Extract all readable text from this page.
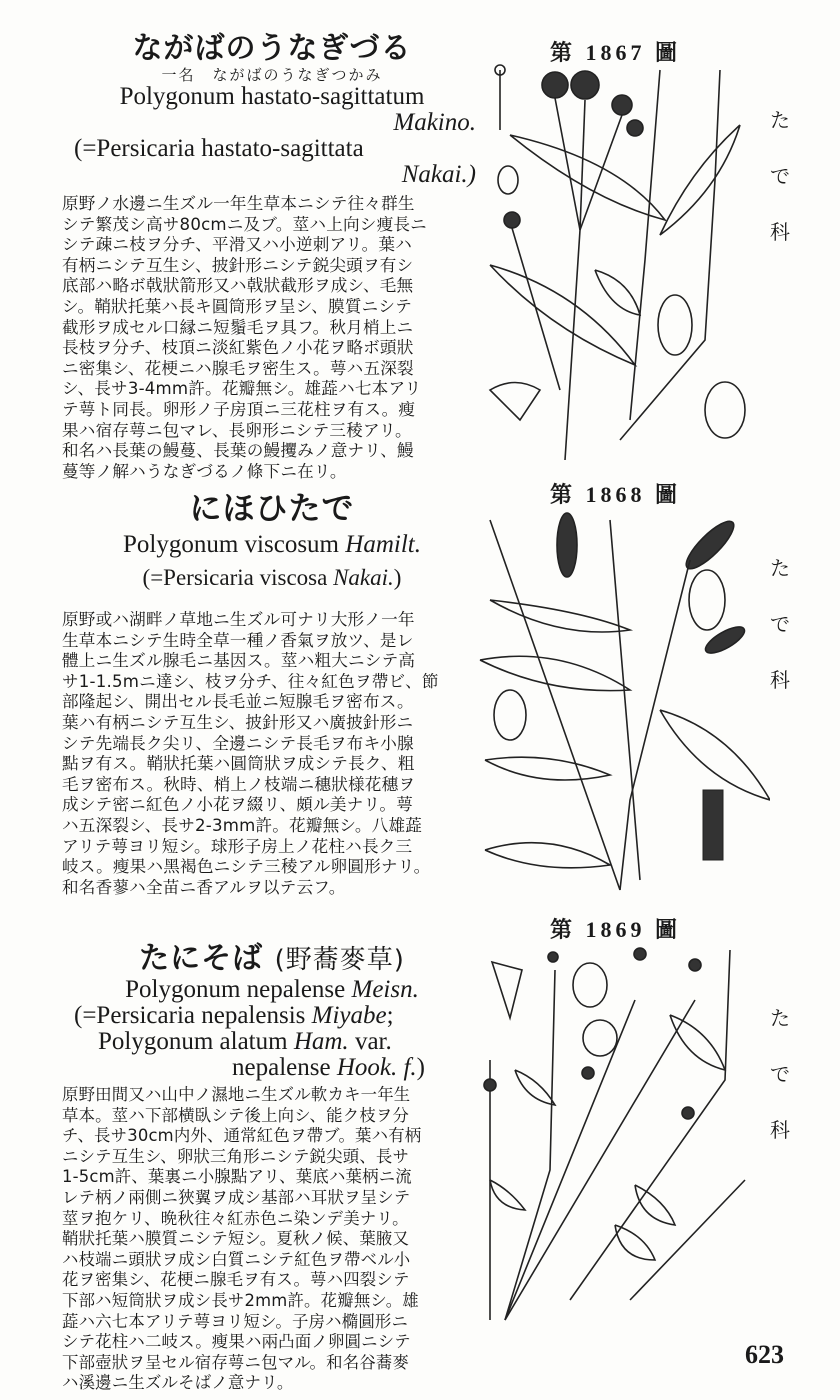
ながばのうなぎづる
一名　ながばのうなぎつかみ
Polygonum hastato-sagittatum
Makino.
(=Persicaria hastato-sagittata
Nakai.)
原野ノ水邊ニ生ズル一年生草本ニシテ往々群生
シテ繁茂シ高サ80cmニ及ブ。莖ハ上向シ痩長ニ
シテ疎ニ枝ヲ分チ、平滑又ハ小逆刺アリ。葉ハ
有柄ニシテ互生シ、披針形ニシテ鋭尖頭ヲ有シ
底部ハ略ボ戟狀箭形又ハ戟狀截形ヲ成シ、毛無
シ。鞘狀托葉ハ長キ圓筒形ヲ呈シ、膜質ニシテ
截形ヲ成セル口縁ニ短鬚毛ヲ具フ。秋月梢上ニ
長枝ヲ分チ、枝頂ニ淡紅紫色ノ小花ヲ略ボ頭狀
ニ密集シ、花梗ニハ腺毛ヲ密生ス。萼ハ五深裂
シ、長サ3-4mm許。花瓣無シ。雄蕋ハ七本アリ
テ萼ト同長。卵形ノ子房頂ニ三花柱ヲ有ス。瘦
果ハ宿存萼ニ包マレ、長卵形ニシテ三稜アリ。
和名ハ長葉の鰻蔓、長葉の鰻攫みノ意ナリ、鰻
蔓等ノ解ハうなぎづるノ條下ニ在リ。
にほひたで
Polygonum viscosum Hamilt.
(=Persicaria viscosa Nakai.)
原野或ハ湖畔ノ草地ニ生ズル可ナリ大形ノ一年
生草本ニシテ生時全草一種ノ香氣ヲ放ツ、是レ
體上ニ生ズル腺毛ニ基因ス。莖ハ粗大ニシテ高
サ1-1.5mニ達シ、枝ヲ分チ、往々紅色ヲ帶ビ、節
部隆起シ、開出セル長毛並ニ短腺毛ヲ密布ス。
葉ハ有柄ニシテ互生シ、披針形又ハ廣披針形ニ
シテ先端長ク尖リ、全邊ニシテ長毛ヲ布キ小腺
點ヲ有ス。鞘狀托葉ハ圓筒狀ヲ成シテ長ク、粗
毛ヲ密布ス。秋時、梢上ノ枝端ニ穗狀様花穗ヲ
成シテ密ニ紅色ノ小花ヲ綴リ、頗ル美ナリ。萼
ハ五深裂シ、長サ2-3mm許。花瓣無シ。八雄蕋
アリテ萼ヨリ短シ。球形子房上ノ花柱ハ長ク三
岐ス。瘦果ハ黑褐色ニシテ三稜アル卵圓形ナリ。
和名香蓼ハ全苗ニ香アルヲ以テ云フ。
たにそば (野蕎麥草)
Polygonum nepalense Meisn.
(=Persicaria nepalensis Miyabe;
Polygonum alatum Ham. var.
nepalense Hook. f.)
原野田間又ハ山中ノ濕地ニ生ズル軟カキ一年生
草本。莖ハ下部横臥シテ後上向シ、能ク枝ヲ分
チ、長サ30cm内外、通常紅色ヲ帶ブ。葉ハ有柄
ニシテ互生シ、卵狀三角形ニシテ鋭尖頭、長サ
1-5cm許、葉裏ニ小腺點アリ、葉底ハ葉柄ニ流
レテ柄ノ兩側ニ狹翼ヲ成シ基部ハ耳狀ヲ呈シテ
莖ヲ抱ケリ、晩秋往々紅赤色ニ染ンデ美ナリ。
鞘狀托葉ハ膜質ニシテ短シ。夏秋ノ候、葉腋又
ハ枝端ニ頭狀ヲ成シ白質ニシテ紅色ヲ帶ベル小
花ヲ密集シ、花梗ニ腺毛ヲ有ス。萼ハ四裂シテ
下部ハ短筒狀ヲ成シ長サ2mm許。花瓣無シ。雄
蕋ハ六七本アリテ萼ヨリ短シ。子房ハ橢圓形ニ
シテ花柱ハ二岐ス。瘦果ハ兩凸面ノ卵圓ニシテ
下部壺狀ヲ呈セル宿存萼ニ包マル。和名谷蕎麥
ハ溪邊ニ生ズルそばノ意ナリ。
第 1867 圖
第 1868 圖
第 1869 圖
た
で
科
た
で
科
た
で
科
623
